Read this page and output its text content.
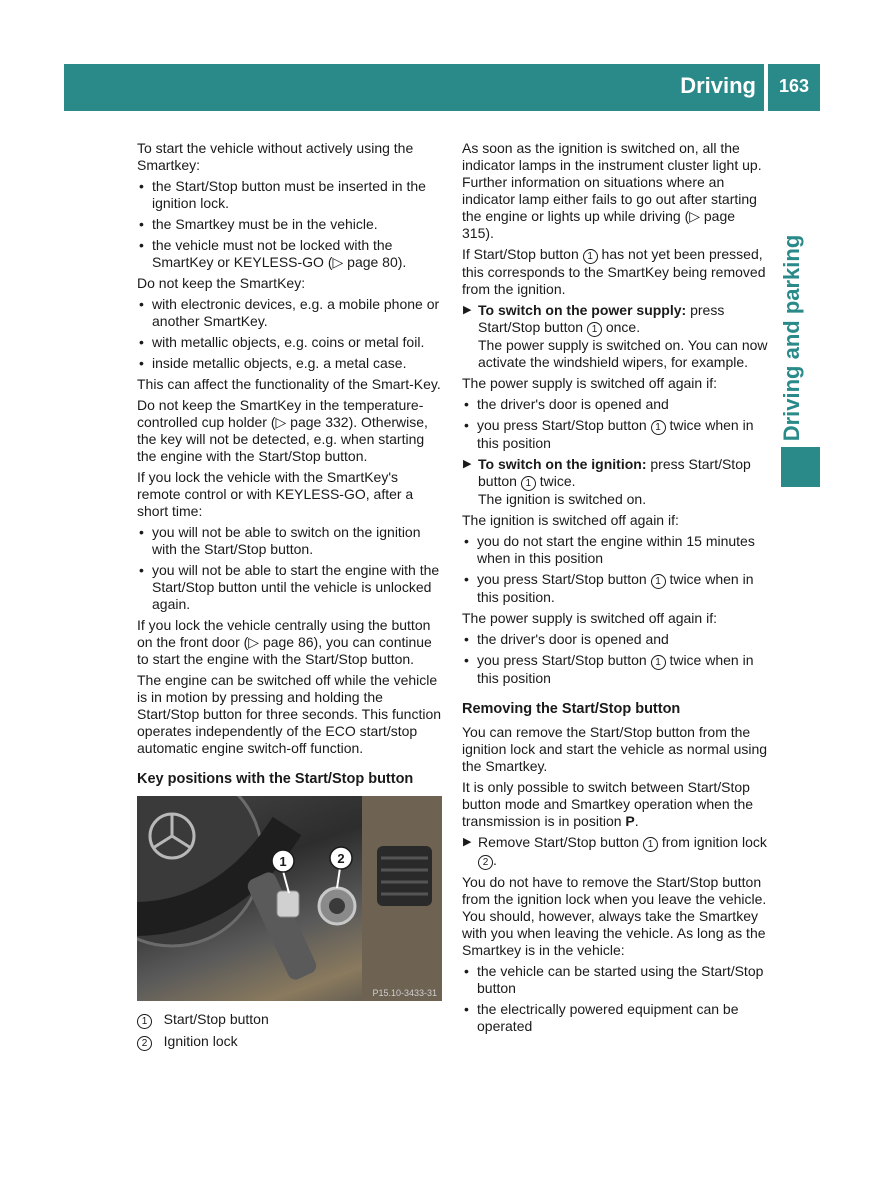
Driving	163
Driving and parking

To start the vehicle without actively using the Smartkey:

• the Start/Stop button must be inserted in the ignition lock.
• the Smartkey must be in the vehicle.
• the vehicle must not be locked with the SmartKey or KEYLESS-GO (▷ page 80).

Do not keep the SmartKey:

• with electronic devices, e.g. a mobile phone or another SmartKey.
• with metallic objects, e.g. coins or metal foil.
• inside metallic objects, e.g. a metal case.

This can affect the functionality of the Smart-Key.

Do not keep the SmartKey in the temperature-controlled cup holder (▷ page 332). Otherwise, the key will not be detected, e.g. when starting the engine with the Start/Stop button.

If you lock the vehicle with the SmartKey's remote control or with KEYLESS-GO, after a short time:

• you will not be able to switch on the ignition with the Start/Stop button.
• you will not be able to start the engine with the Start/Stop button until the vehicle is unlocked again.

If you lock the vehicle centrally using the button on the front door (▷ page 86), you can continue to start the engine with the Start/Stop button.

The engine can be switched off while the vehicle is in motion by pressing and holding the Start/Stop button for three seconds. This function operates independently of the ECO start/stop automatic engine switch-off function.

Key positions with the Start/Stop button
1	2
P15.10-3433-31
1 Start/Stop button
2 Ignition lock

As soon as the ignition is switched on, all the indicator lamps in the instrument cluster light up. Further information on situations where an indicator lamp either fails to go out after starting the engine or lights up while driving (▷ page 315).

If Start/Stop button 1 has not yet been pressed, this corresponds to the SmartKey being removed from the ignition.

▶ To switch on the power supply: press Start/Stop button 1 once.
The power supply is switched on. You can now activate the windshield wipers, for example.

The power supply is switched off again if:

• the driver's door is opened and
• you press Start/Stop button 1 twice when in this position
▶ To switch on the ignition: press Start/Stop button 1 twice.
The ignition is switched on.

The ignition is switched off again if:

• you do not start the engine within 15 minutes when in this position
• you press Start/Stop button 1 twice when in this position.

The power supply is switched off again if:

• the driver's door is opened and
• you press Start/Stop button 1 twice when in this position
Removing the Start/Stop button

You can remove the Start/Stop button from the ignition lock and start the vehicle as normal using the Smartkey.

It is only possible to switch between Start/Stop button mode and Smartkey operation when the transmission is in position P.

▶ Remove Start/Stop button 1 from ignition lock 2 .

You do not have to remove the Start/Stop button from the ignition lock when you leave the vehicle. You should, however, always take the Smartkey with you when leaving the vehicle. As long as the Smartkey is in the vehicle:

• the vehicle can be started using the Start/Stop button
• the electrically powered equipment can be operated
